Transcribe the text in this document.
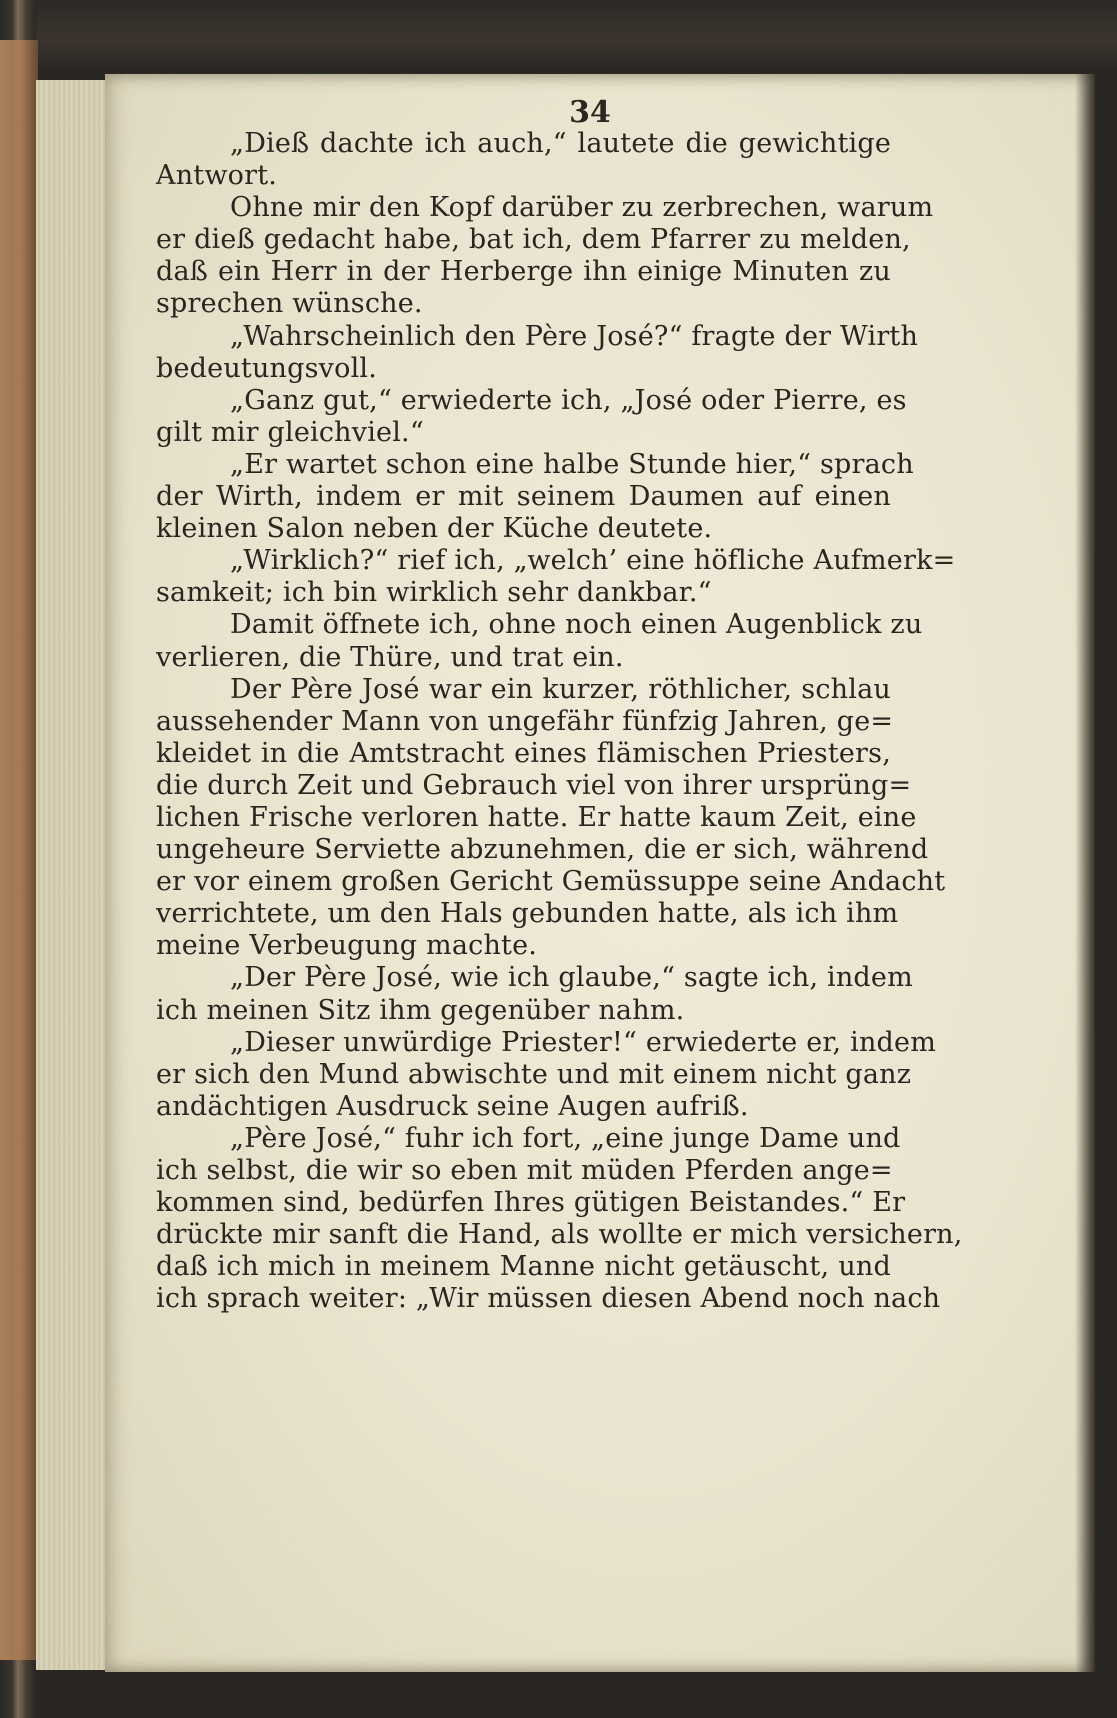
34
„Dieß dachte ich auch,“ lautete die gewichtige
Antwort.
Ohne mir den Kopf darüber zu zerbrechen, warum
er dieß gedacht habe, bat ich, dem Pfarrer zu melden,
daß ein Herr in der Herberge ihn einige Minuten zu
sprechen wünsche.
„Wahrscheinlich den Père José?“ fragte der Wirth
bedeutungsvoll.
„Ganz gut,“ erwiederte ich, „José oder Pierre, es
gilt mir gleichviel.“
„Er wartet schon eine halbe Stunde hier,“ sprach
der Wirth, indem er mit seinem Daumen auf einen
kleinen Salon neben der Küche deutete.
„Wirklich?“ rief ich, „welch’ eine höfliche Aufmerk=
samkeit; ich bin wirklich sehr dankbar.“
Damit öffnete ich, ohne noch einen Augenblick zu
verlieren, die Thüre, und trat ein.
Der Père José war ein kurzer, röthlicher, schlau
aussehender Mann von ungefähr fünfzig Jahren, ge=
kleidet in die Amtstracht eines flämischen Priesters,
die durch Zeit und Gebrauch viel von ihrer ursprüng=
lichen Frische verloren hatte. Er hatte kaum Zeit, eine
ungeheure Serviette abzunehmen, die er sich, während
er vor einem großen Gericht Gemüssuppe seine Andacht
verrichtete, um den Hals gebunden hatte, als ich ihm
meine Verbeugung machte.
„Der Père José, wie ich glaube,“ sagte ich, indem
ich meinen Sitz ihm gegenüber nahm.
„Dieser unwürdige Priester!“ erwiederte er, indem
er sich den Mund abwischte und mit einem nicht ganz
andächtigen Ausdruck seine Augen aufriß.
„Père José,“ fuhr ich fort, „eine junge Dame und
ich selbst, die wir so eben mit müden Pferden ange=
kommen sind, bedürfen Ihres gütigen Beistandes.“ Er
drückte mir sanft die Hand, als wollte er mich versichern,
daß ich mich in meinem Manne nicht getäuscht, und
ich sprach weiter: „Wir müssen diesen Abend noch nach
